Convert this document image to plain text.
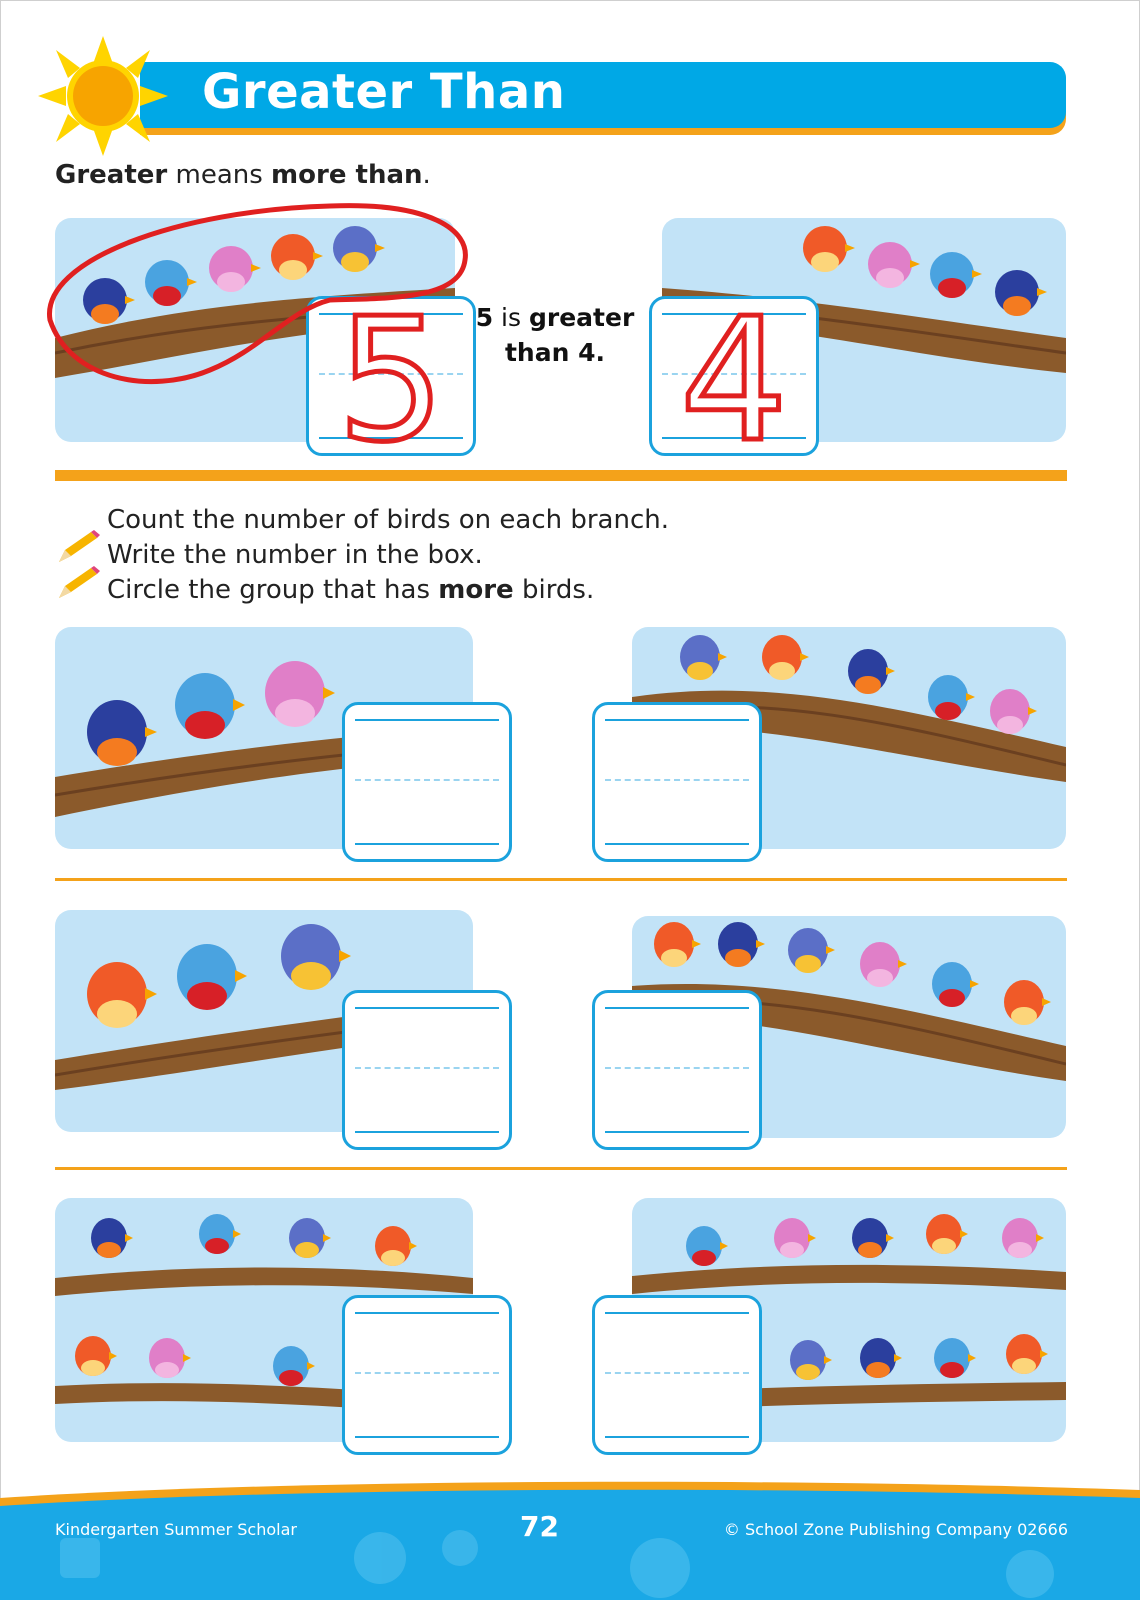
Greater Than
Greater means more than.
5 5 is greater
than 4. 4
Count the number of birds on each branch.
Write the number in the box.
Circle the group that has more birds.
Kindergarten Summer Scholar	72	© School Zone Publishing Company 02666
